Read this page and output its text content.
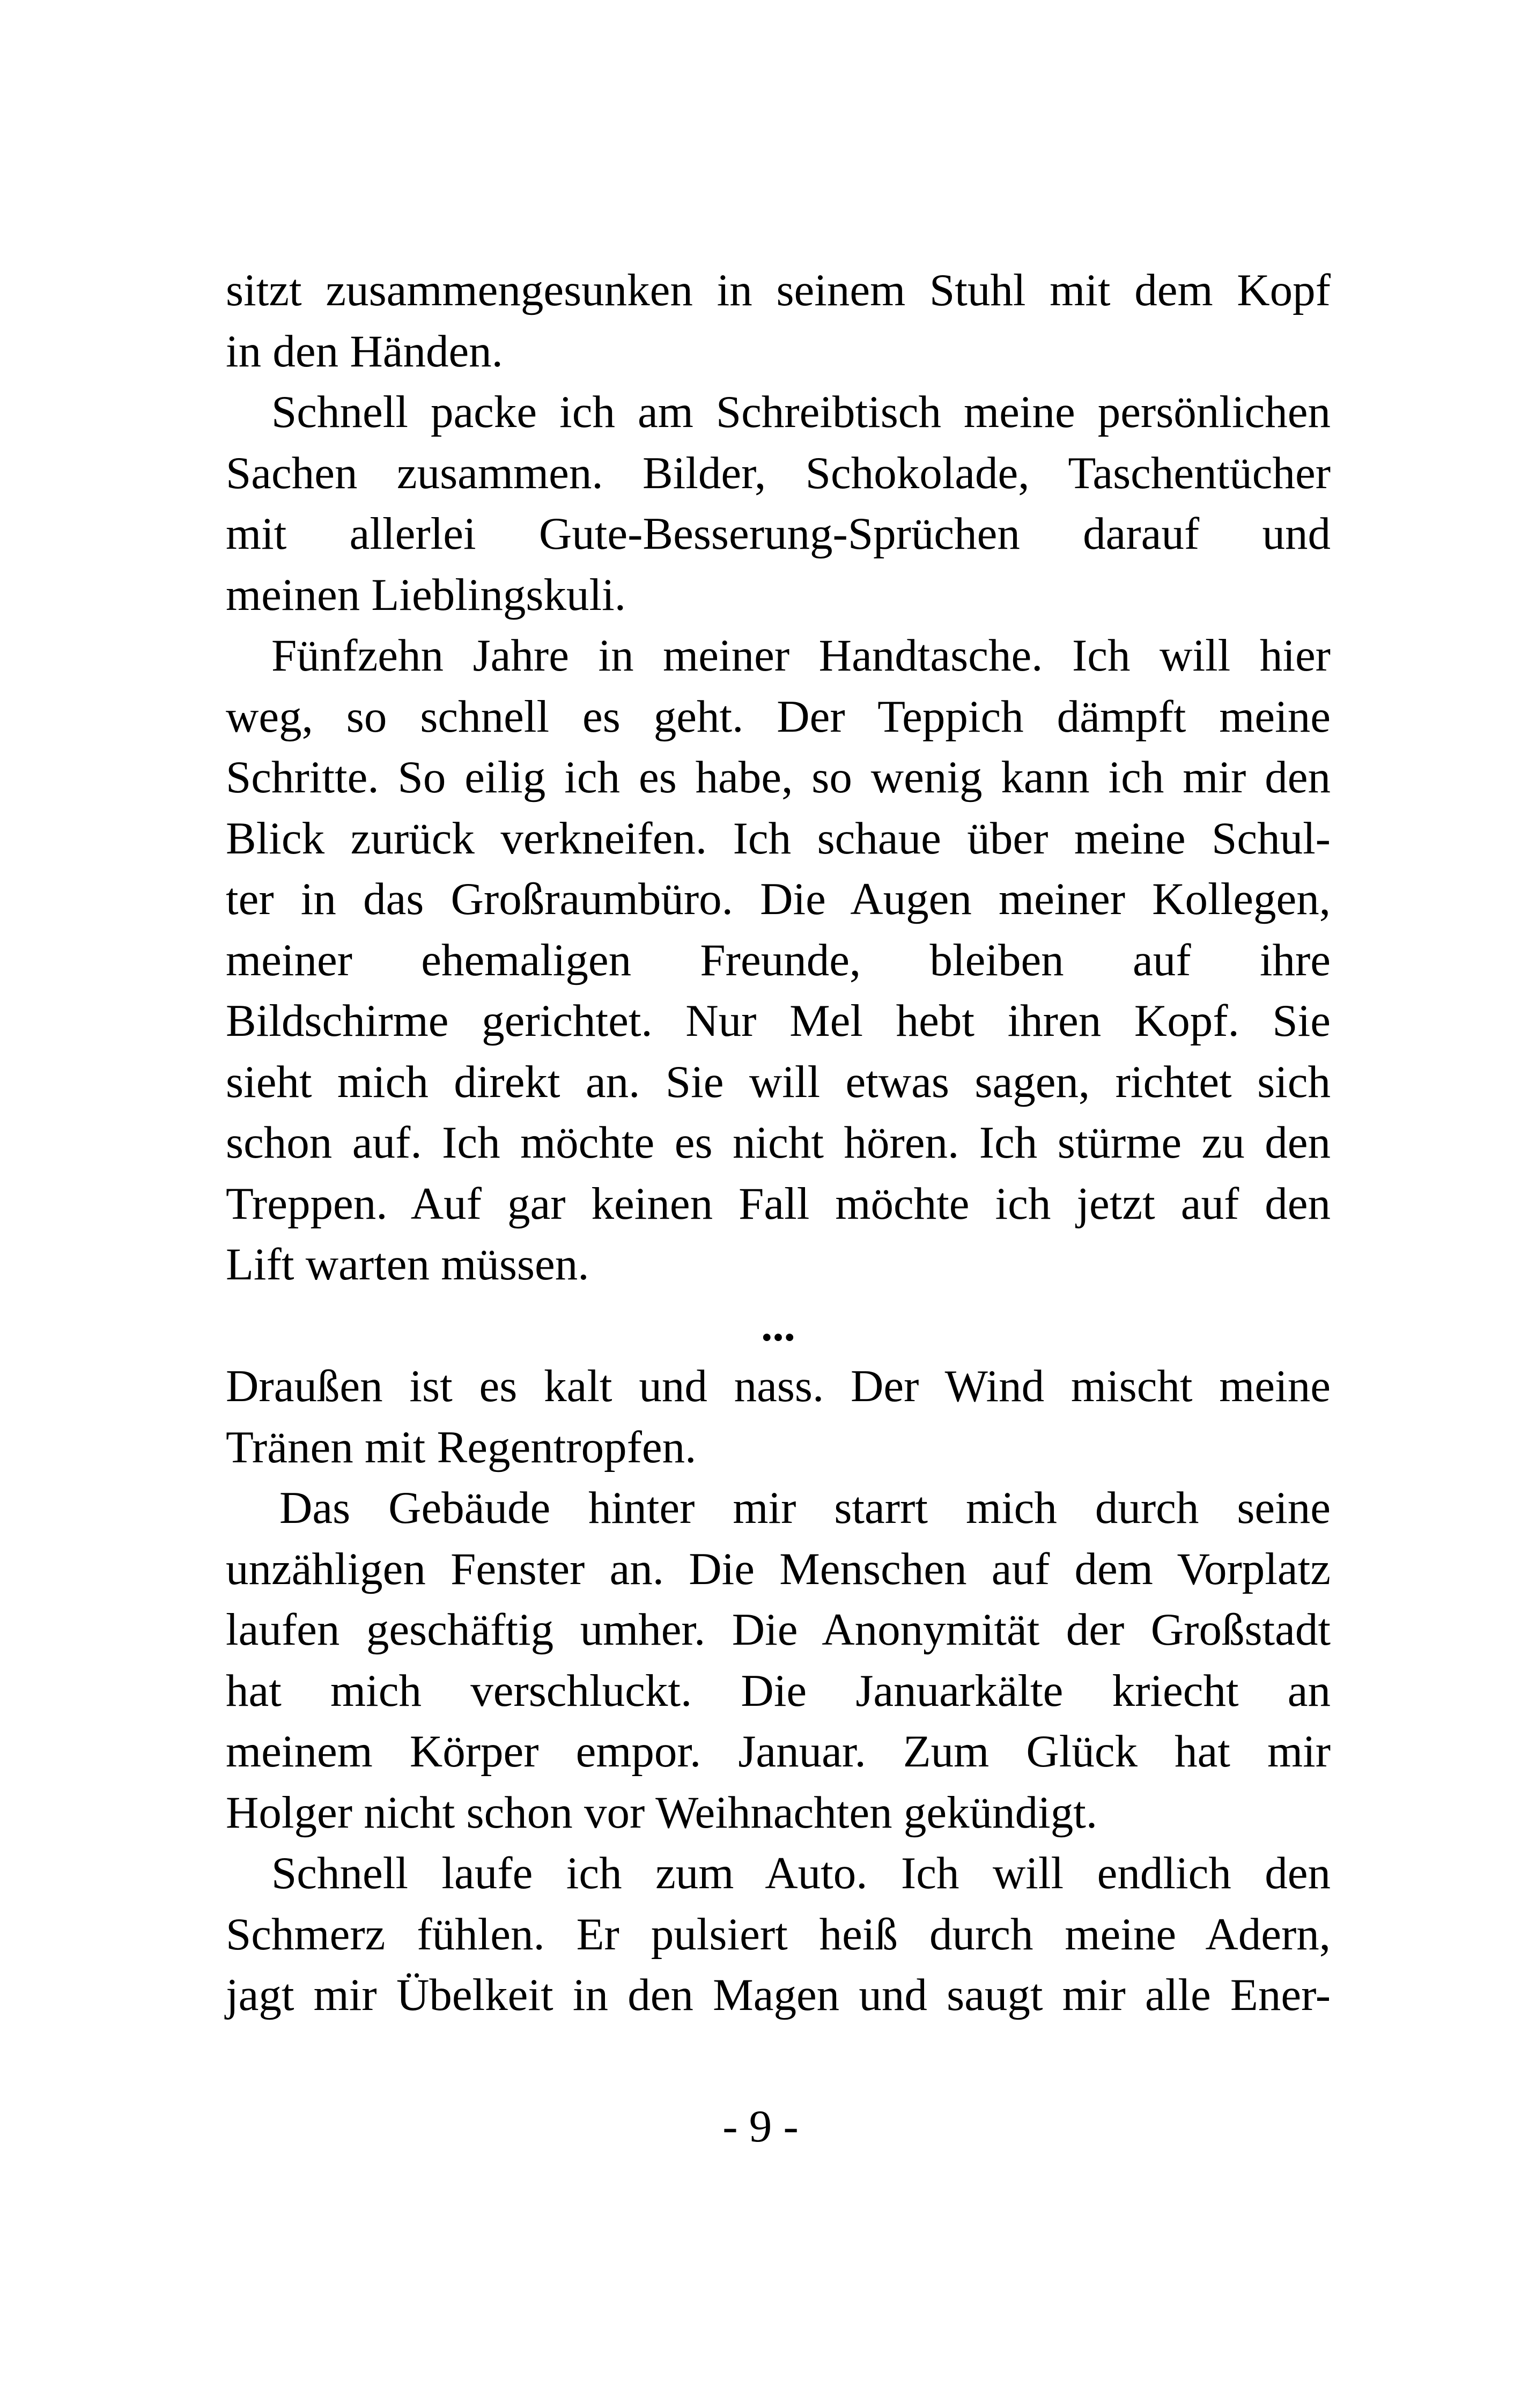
sitzt zusammengesunken in seinem Stuhl mit dem Kopf
in den Händen.
Schnell packe ich am Schreibtisch meine persönlichen
Sachen zusammen. Bilder, Schokolade, Taschentücher
mit allerlei Gute-Besserung-Sprüchen darauf und
meinen Lieblingskuli.
Fünfzehn Jahre in meiner Handtasche. Ich will hier
weg, so schnell es geht. Der Teppich dämpft meine
Schritte. So eilig ich es habe, so wenig kann ich mir den
Blick zurück verkneifen. Ich schaue über meine Schul-
ter in das Großraumbüro. Die Augen meiner Kollegen,
meiner ehemaligen Freunde, bleiben auf ihre
Bildschirme gerichtet. Nur Mel hebt ihren Kopf. Sie
sieht mich direkt an. Sie will etwas sagen, richtet sich
schon auf. Ich möchte es nicht hören. Ich stürme zu den
Treppen. Auf gar keinen Fall möchte ich jetzt auf den
Lift warten müssen.
...
Draußen ist es kalt und nass. Der Wind mischt meine
Tränen mit Regentropfen.
Das Gebäude hinter mir starrt mich durch seine
unzähligen Fenster an. Die Menschen auf dem Vorplatz
laufen geschäftig umher. Die Anonymität der Großstadt
hat mich verschluckt. Die Januarkälte kriecht an
meinem Körper empor. Januar. Zum Glück hat mir
Holger nicht schon vor Weihnachten gekündigt.
Schnell laufe ich zum Auto. Ich will endlich den
Schmerz fühlen. Er pulsiert heiß durch meine Adern,
jagt mir Übelkeit in den Magen und saugt mir alle Ener-
- 9 -
